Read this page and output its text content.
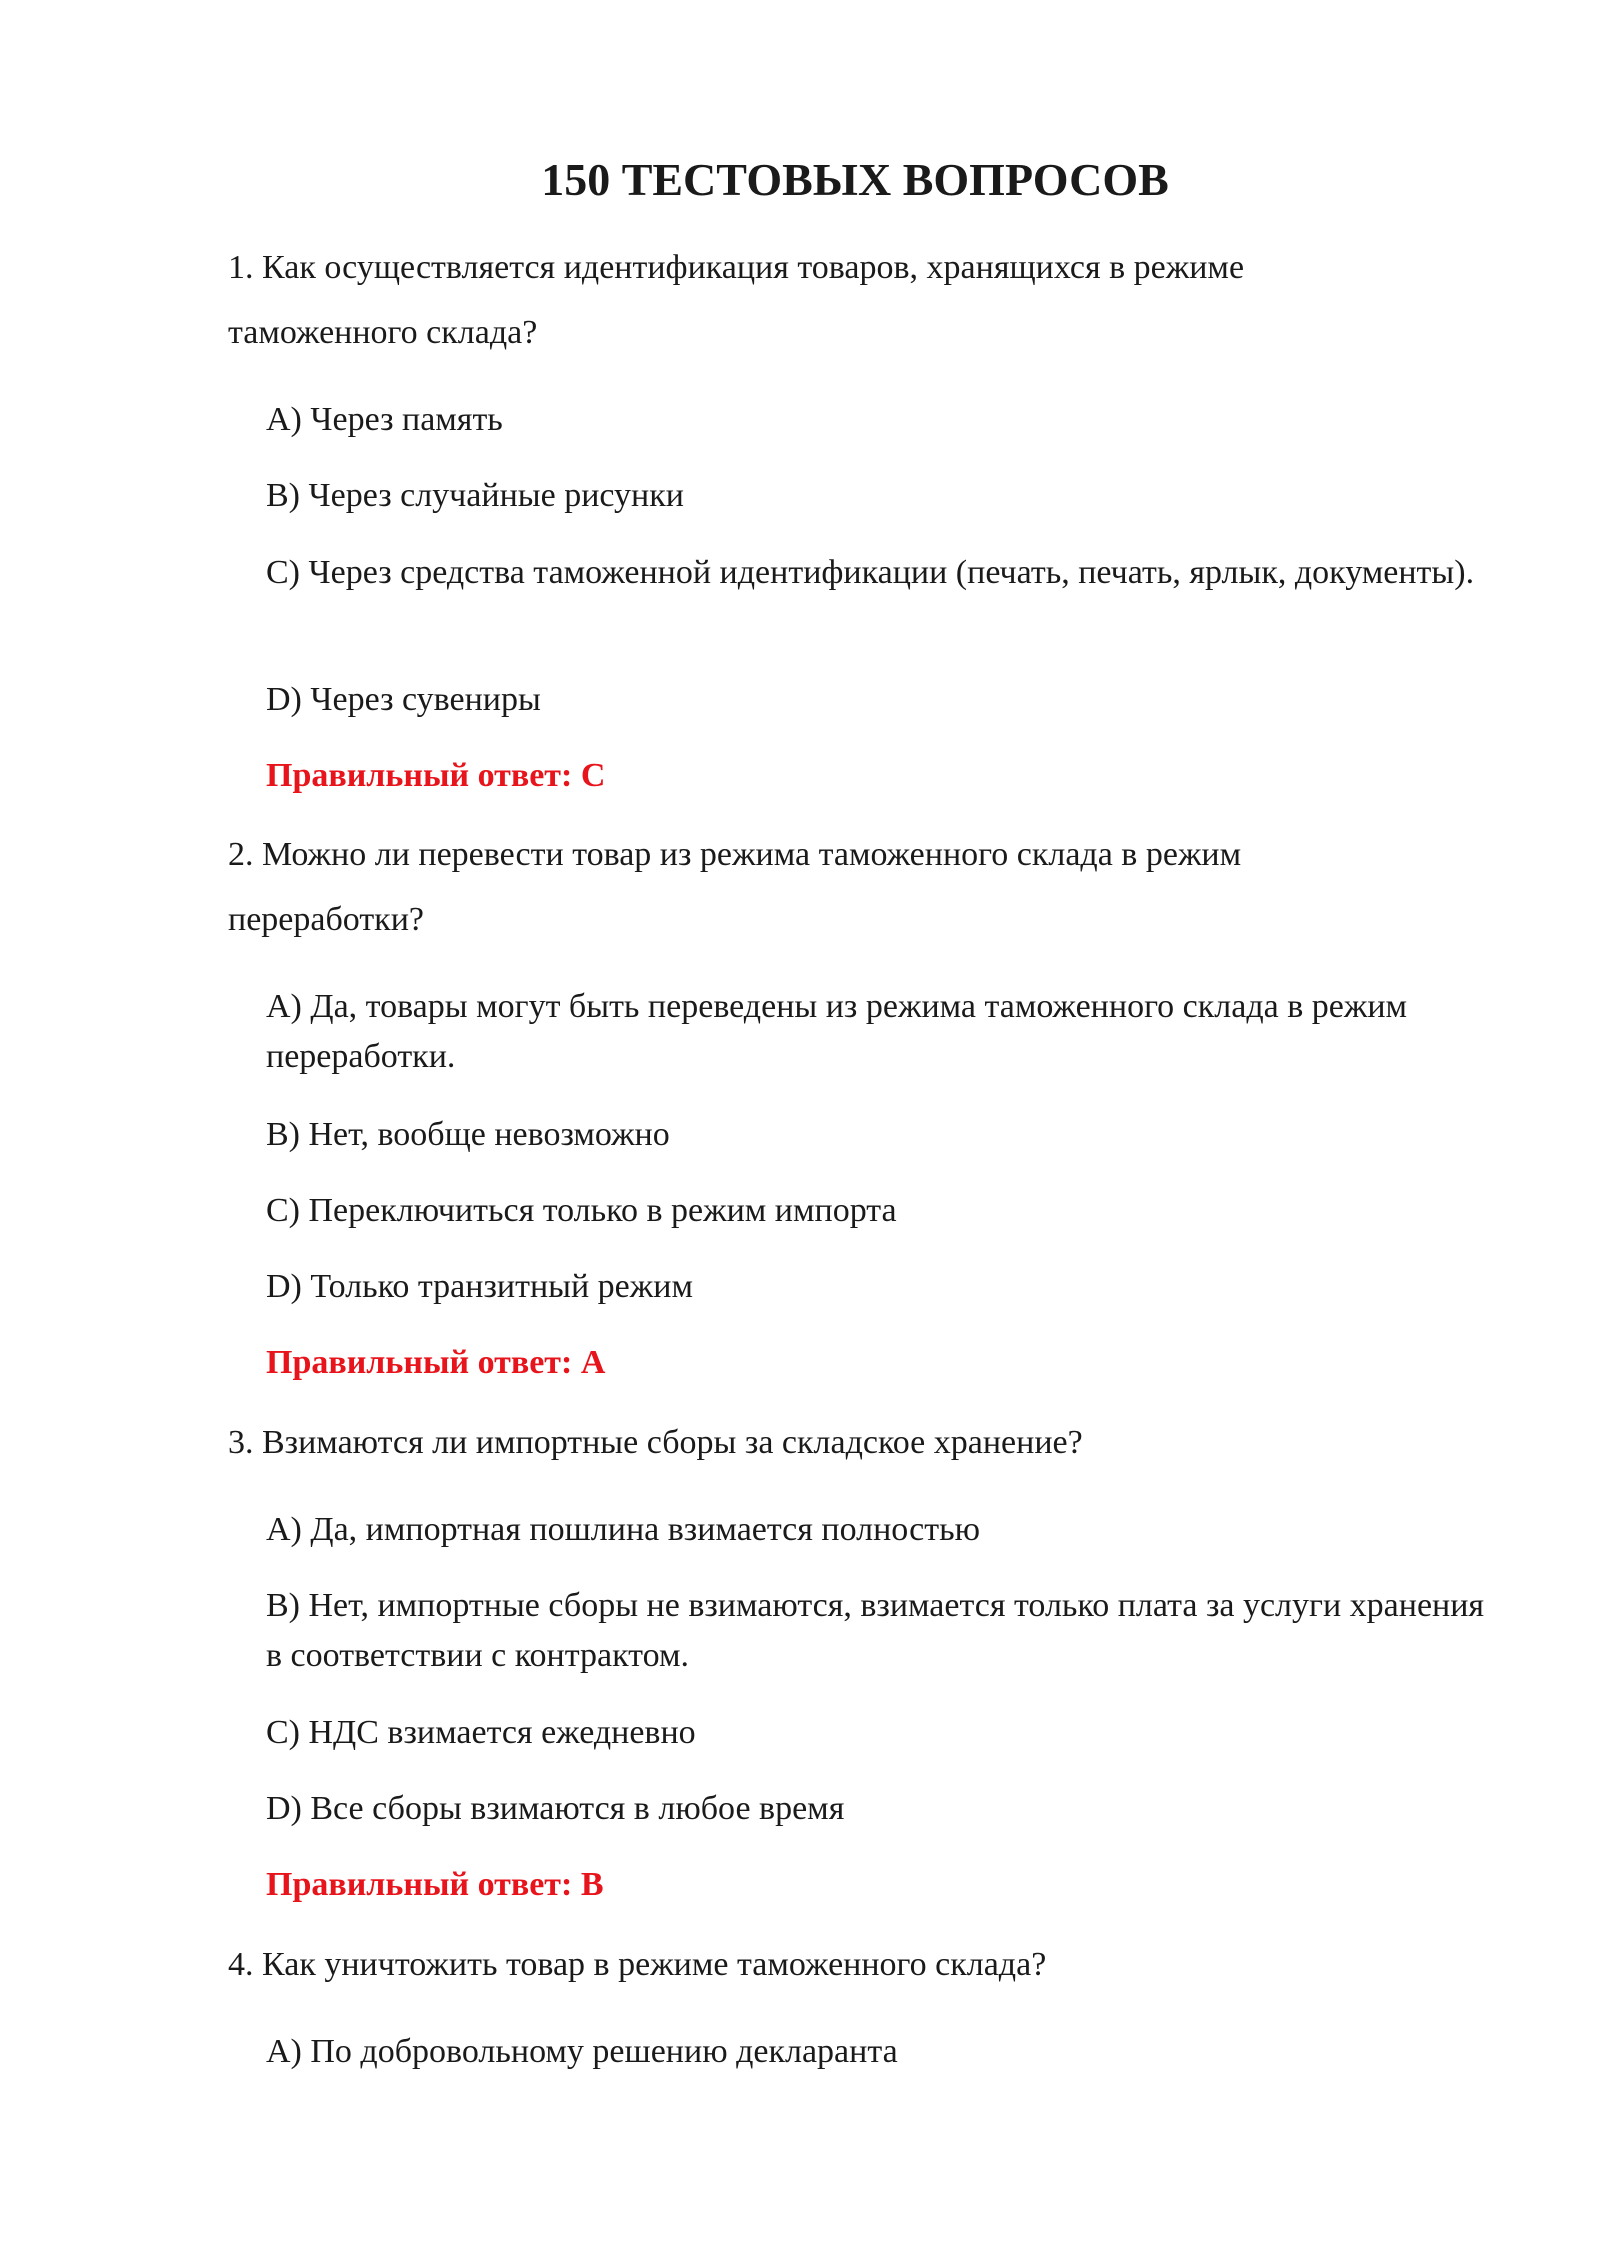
150 ТЕСТОВЫХ ВОПРОСОВ

1. Как осуществляется идентификация товаров, хранящихся в режиме таможенного склада?

A) Через память

B) Через случайные рисунки

C) Через средства таможенной идентификации (печать, печать, ярлык, документы).

D) Через сувениры

Правильный ответ: C

2. Можно ли перевести товар из режима таможенного склада в режим переработки?

A) Да, товары могут быть переведены из режима таможенного склада в режим переработки.

B) Нет, вообще невозможно

C) Переключиться только в режим импорта

D) Только транзитный режим

Правильный ответ: A

3. Взимаются ли импортные сборы за складское хранение?

A) Да, импортная пошлина взимается полностью

B) Нет, импортные сборы не взимаются, взимается только плата за услуги хранения в соответствии с контрактом.

C) НДС взимается ежедневно

D) Все сборы взимаются в любое время

Правильный ответ: B

4. Как уничтожить товар в режиме таможенного склада?

A) По добровольному решению декларанта
